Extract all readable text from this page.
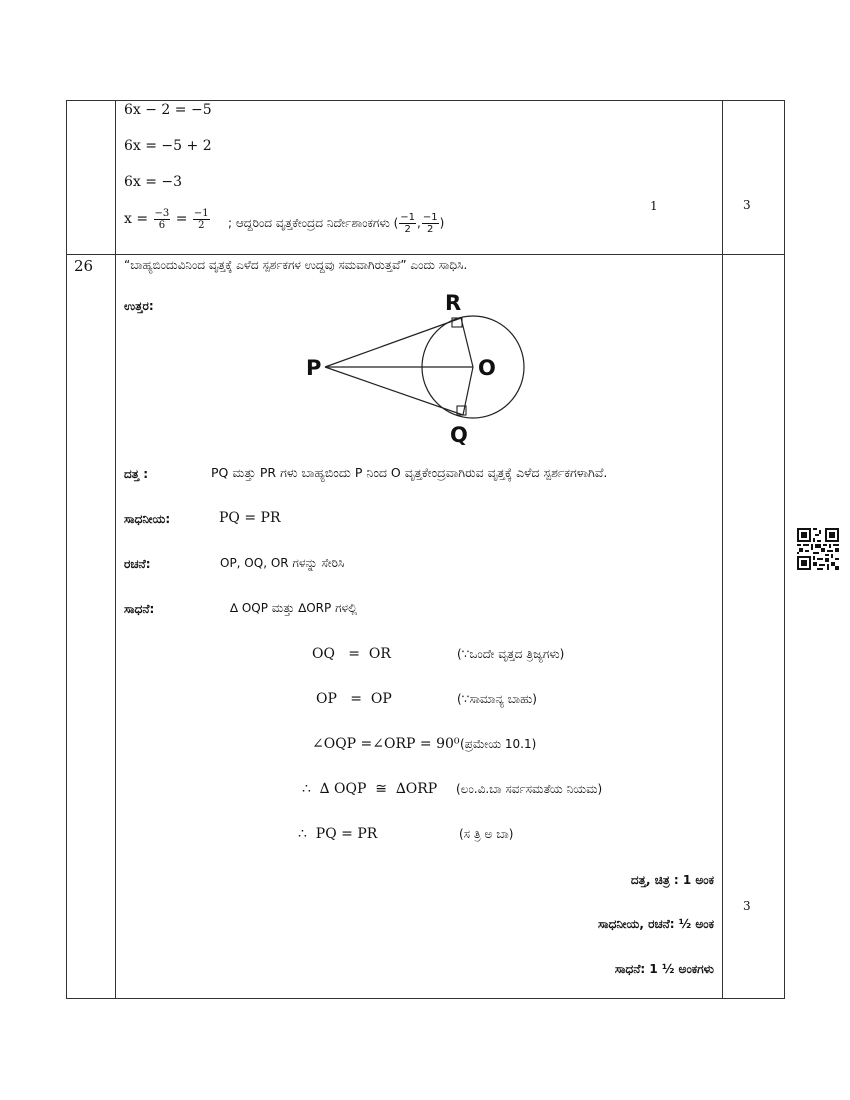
6x − 2 = −5
6x = −5 + 2
6x = −3
$x = \frac{-3}{6} = \frac{-1}{2}$ ; ಆದ್ದರಿಂದ ವೃತ್ತಕೇಂದ್ರದ ನಿರ್ದೇಶಾಂಕಗಳು ( $\frac{-1}{2}$ , $\frac{-1}{2}$ )
1	3
26	“ಬಾಹ್ಯಬಿಂದುವಿನಿಂದ ವೃತ್ತಕ್ಕೆ ಎಳೆದ ಸ್ಪರ್ಶಕಗಳ ಉದ್ದವು ಸಮವಾಗಿರುತ್ತವೆ” ಎಂದು ಸಾಧಿಸಿ.
ಉತ್ತರ:
P	O
R
Q
ದತ್ತ :	PQ ಮತ್ತು PR ಗಳು ಬಾಹ್ಯಬಿಂದು P ನಿಂದ O ವೃತ್ತಕೇಂದ್ರವಾಗಿರುವ ವೃತ್ತಕ್ಕೆ ಎಳೆದ ಸ್ಪರ್ಶಕಗಳಾಗಿವೆ.
ಸಾಧನೀಯ:	PQ = PR
ರಚನೆ:	OP, OQ, OR ಗಳನ್ನು ಸೇರಿಸಿ
ಸಾಧನೆ:	∆ OQP ಮತ್ತು ∆ORP ಗಳಲ್ಲಿ
OQ   =  OR	(∵ಒಂದೇ ವೃತ್ತದ ತ್ರಿಜ್ಯಗಳು)
OP   =  OP	(∵ಸಾಮಾನ್ಯ ಬಾಹು)
∠OQP =∠ORP = 90⁰ (ಪ್ರಮೇಯ 10.1)
∴  ∆ OQP  ≅  ∆ORP (ಲಂ.ವಿ.ಬಾ ಸರ್ವಸಮತೆಯ ನಿಯಮ)
∴  PQ = PR	(ಸ ತ್ರಿ ಅ ಬಾ)
ದತ್ತ, ಚಿತ್ರ : 1 ಅಂಕ
ಸಾಧನೀಯ, ರಚನೆ: ½ ಅಂಕ
ಸಾಧನೆ: 1 ½ ಅಂಕಗಳು
3
